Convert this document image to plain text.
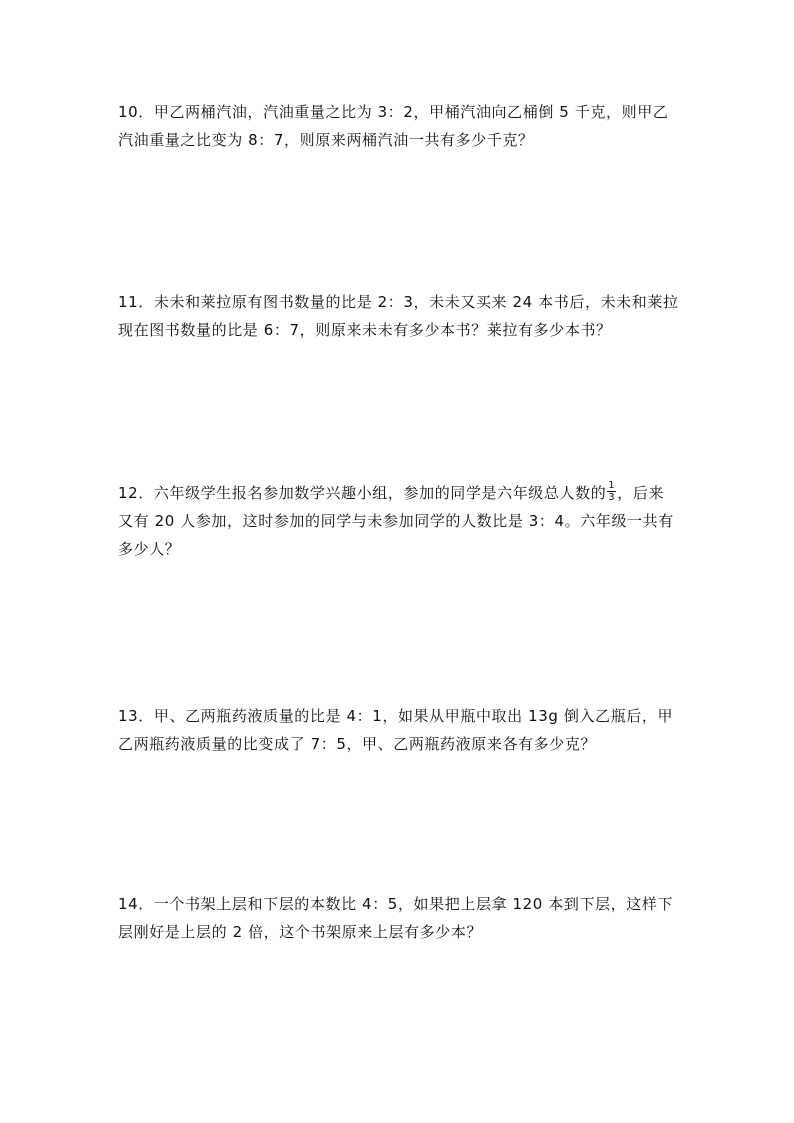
10．甲乙两桶汽油，汽油重量之比为 3：2，甲桶汽油向乙桶倒 5 千克，则甲乙
汽油重量之比变为 8：7，则原来两桶汽油一共有多少千克？
11．未未和莱拉原有图书数量的比是 2：3，未未又买来 24 本书后，未未和莱拉
现在图书数量的比是 6：7，则原来未未有多少本书？莱拉有多少本书？
12．六年级学生报名参加数学兴趣小组，参加的同学是六年级总人数的 $\frac{1}{3}$ ，后来
又有 20 人参加，这时参加的同学与未参加同学的人数比是 3：4。六年级一共有
多少人？
13．甲、乙两瓶药液质量的比是 4：1，如果从甲瓶中取出 13g 倒入乙瓶后，甲
乙两瓶药液质量的比变成了 7：5，甲、乙两瓶药液原来各有多少克？
14．一个书架上层和下层的本数比 4：5，如果把上层拿 120 本到下层，这样下
层刚好是上层的 2 倍，这个书架原来上层有多少本？
